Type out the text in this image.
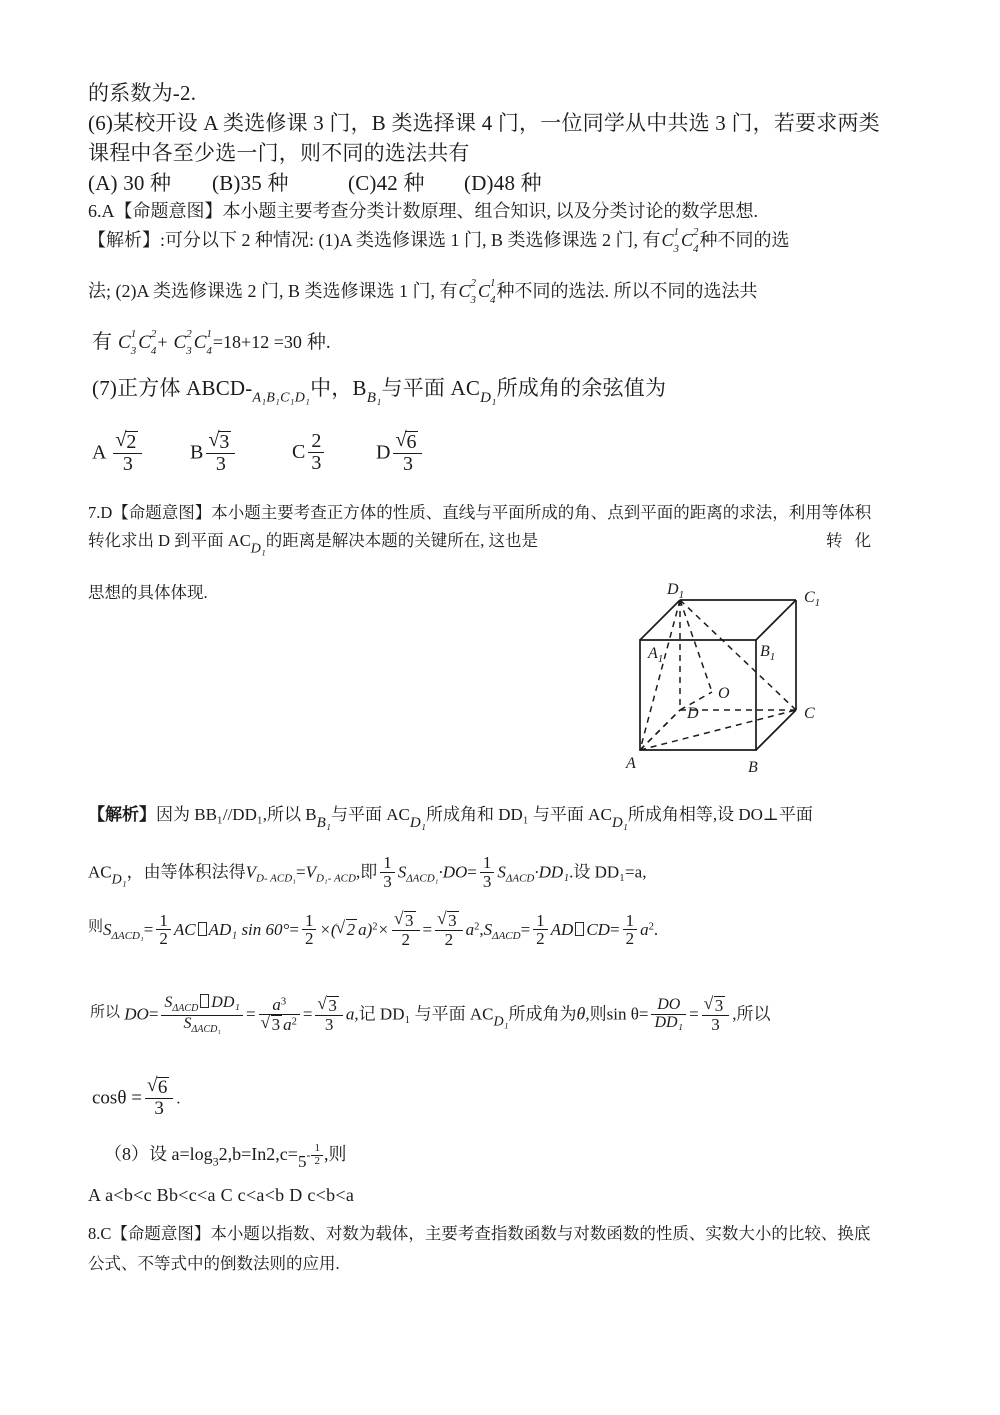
的系数为-2.
(6)某校开设 A 类选修课 3 门，B 类选择课 4 门，一位同学从中共选 3 门，若要求两类
课程中各至少选一门，则不同的选法共有
(A) 30 种 (B)35 种	(C)42 种 (D)48 种
6.A【命题意图】本小题主要考查分类计数原理、组合知识, 以及分类讨论的数学思想.
【解析】:可分以下 2 种情况: (1)A 类选修课选 1 门, B 类选修课选 2 门, 有C 1
3 C 2
4 种不同的选
法; (2)A 类选修课选 2 门, B 类选修课选 1 门, 有C 2
3 C 1
4 种不同的选法. 所以不同的选法共
有 C 1
3 C 2
4 + C 2
3 C 1
4 =18+12 =30 种.
(7)正方体 ABCD-$_{A_1B_1C_1D_1}$中，$B_{B_1}$与平面 $AC_{D_1}$所成角的余弦值为
A √ $\frac{2}{3}$ B √ $\frac{3}{3}$	C $\frac{2}{3}$	D √ $\frac{6}{3}$
7.D【命题意图】本小题主要考查正方体的性质、直线与平面所成的角、点到平面的距离的求法，利用等体积
转化求出 D 到平面 $AC_{D_1}$的距离是解决本题的关键所在, 这也是	转 化
思想的具体体现.	$D_1$	$C_1$
$A_1$	$B_1$
O
D	C
A	B
【解析】因为 BB₁//DD₁,所以 BB₁与平面 ACD₁所成角和 DD₁ 与平面 ACD₁所成角相等,设 DO⊥平面
$AC_{D_1}$，由等体积法得$V_{D- ACD_1}=V_{D_1- ACD}$,即 $\frac{1}{3} S_{\Delta ACD_1}\cdot DO= \frac{1}{3} S_{\Delta ACD}\cdot DD_1$.设 DD₁=a,
则$S_{\Delta ACD_1}= \frac{1}{2}$ AC AD₁ $\sin 60^\circ= \frac{1}{2}$ ×( √ 2 a)$^2$× √ $\frac{3}{2}$ = √ $\frac{3}{2} a^2,S_{\Delta ACD}= \frac{1}{2}$ AD $CD= \frac{1}{2} a^2$.
所以 $DO= \frac{S_{\Delta ACD} DD_1}{S_{\Delta ACD_1}} = a^3$
√ 3 $a^2$ = √ $\frac{3}{3} a$,记 DD₁ 与平面 $AC_{D_1}$所成角为θ,则$\sin \theta= \frac{DO}{\text{DD₁}}$ = √ $\frac{3}{3}$ ,所以
cosθ = √ $\frac{6}{3}$ .
（8）设 $a=\log_32,b=In2,c=5- \frac{1}{2}$ ,则
A a<b<c Bb<c<a C c<a<b D c<b<a
8.C【命题意图】本小题以指数、对数为载体，主要考查指数函数与对数函数的性质、实数大小的比较、换底
公式、不等式中的倒数法则的应用.
